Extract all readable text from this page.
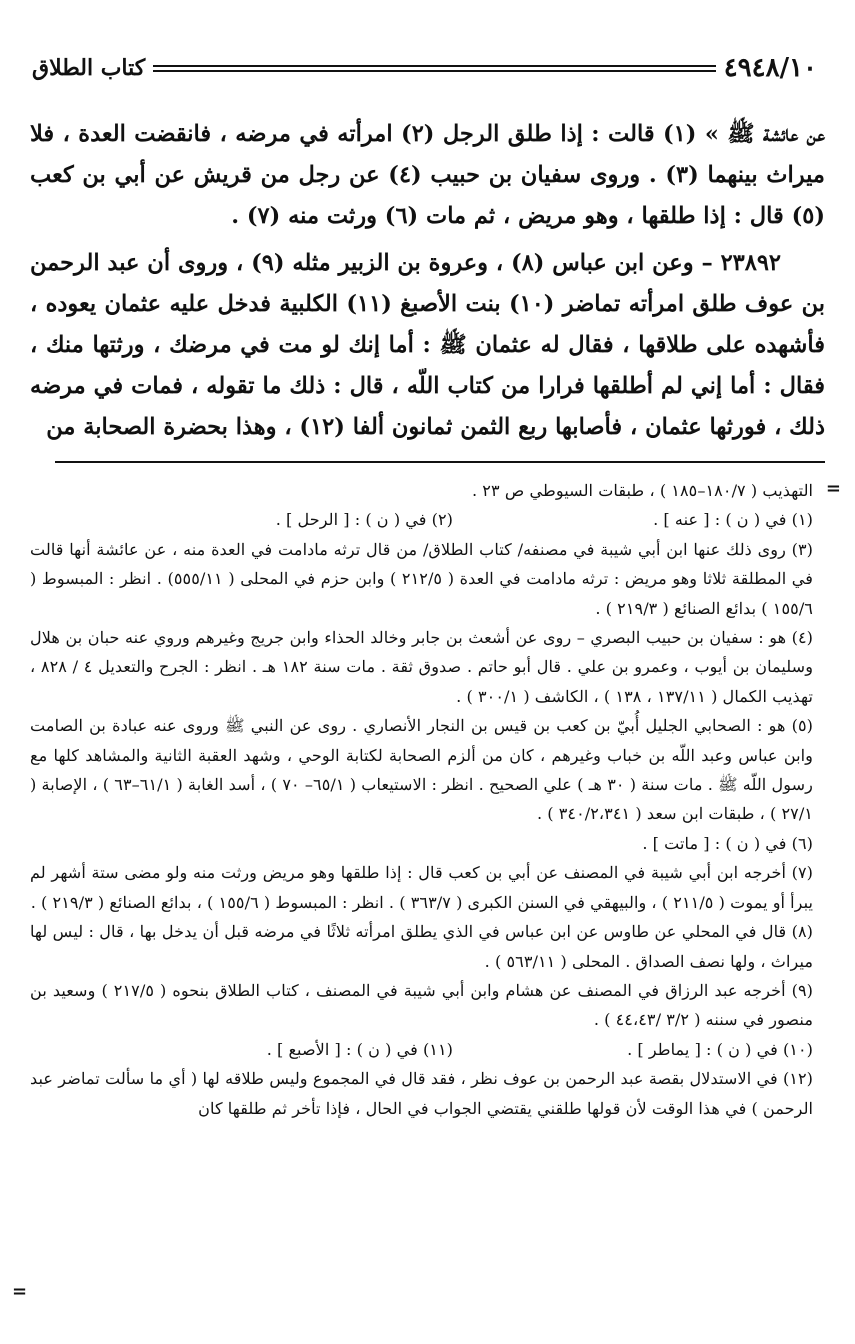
كتاب الطلاق	٤٩٤٨/١٠

عن عائشة ﷺ » (١) قالت : إذا طلق الرجل (٢) امرأته في مرضه ، فانقضت العدة ، فلا ميراث بينهما (٣) . وروى سفيان بن حبيب (٤) عن رجل من قريش عن أبي بن كعب (٥) قال : إذا طلقها ، وهو مريض ، ثم مات (٦) ورثت منه (٧) .

٢٣٨٩٢ – وعن ابن عباس (٨) ، وعروة بن الزبير مثله (٩) ، وروى أن عبد الرحمن بن عوف طلق امرأته تماضر (١٠) بنت الأصبغ (١١) الكلبية فدخل عليه عثمان يعوده ، فأشهده على طلاقها ، فقال له عثمان ﷺ : أما إنك لو مت في مرضك ، ورثتها منك ، فقال : أما إني لم أطلقها فرارا من كتاب اللّه ، قال : ذلك ما تقوله ، فمات في مرضه ذلك ، فورثها عثمان ، فأصابها ربع الثمن ثمانون ألفا (١٢) ، وهذا بحضرة الصحابة من

=

التهذيب ( ١٨٠/٧–١٨٥ ) ، طبقات السيوطي ص ٢٣ .

(١) في ( ن ) : [ عنه ] .
(٢) في ( ن ) : [ الرحل ] .

(٣) روى ذلك عنها ابن أبي شيبة في مصنفه/ كتاب الطلاق/ من قال ترثه مادامت في العدة منه ، عن عائشة أنها قالت في المطلقة ثلاثا وهو مريض : ترثه مادامت في العدة ( ٢١٢/٥ ) وابن حزم في المحلى ( ٥٥٥/١١) . انظر : المبسوط ( ١٥٥/٦ ) بدائع الصنائع ( ٢١٩/٣ ) .

(٤) هو : سفيان بن حبيب البصري – روى عن أشعث بن جابر وخالد الحذاء وابن جريج وغيرهم وروي عنه حبان بن هلال وسليمان بن أيوب ، وعمرو بن علي . قال أبو حاتم . صدوق ثقة . مات سنة ١٨٢ هـ . انظر : الجرح والتعديل ٤ / ٨٢٨ ، تهذيب الكمال ( ١٣٧/١١ ، ١٣٨ ) ، الكاشف ( ٣٠٠/١ ) .

(٥) هو : الصحابي الجليل أُبيّ بن كعب بن قيس بن النجار الأنصاري . روى عن النبي ﷺ وروى عنه عبادة بن الصامت وابن عباس وعبد اللّه بن خباب وغيرهم ، كان من ألزم الصحابة لكتابة الوحي ، وشهد العقبة الثانية والمشاهد كلها مع رسول اللّه ﷺ . مات سنة ( ٣٠ هـ ) علي الصحيح . انظر : الاستيعاب ( ٦٥/١– ٧٠ ) ، أسد الغابة ( ٦١/١–٦٣ ) ، الإصابة ( ٢٧/١ ) ، طبقات ابن سعد ( ٣٤٠/٢،٣٤١ ) .

(٦) في ( ن ) : [ ماتت ] .

(٧) أخرجه ابن أبي شيبة في المصنف عن أبي بن كعب قال : إذا طلقها وهو مريض ورثت منه ولو مضى ستة أشهر لم يبرأ أو يموت ( ٢١١/٥ ) ، والبيهقي في السنن الكبرى ( ٣٦٣/٧ ) . انظر : المبسوط ( ١٥٥/٦ ) ، بدائع الصنائع ( ٢١٩/٣ ) .

(٨) قال في المحلي عن طاوس عن ابن عباس في الذي يطلق امرأته ثلاثًا في مرضه قبل أن يدخل بها ، قال : ليس لها ميراث ، ولها نصف الصداق . المحلى ( ٥٦٣/١١ ) .

(٩) أخرجه عبد الرزاق في المصنف عن هشام وابن أبي شيبة في المصنف ، كتاب الطلاق بنحوه ( ٢١٧/٥ ) وسعيد بن منصور في سننه ( ٣/٢ /٤٤،٤٣ ) .

(١٠) في ( ن ) : [ يماطر ] .
(١١) في ( ن ) : [ الأصبع ] .

(١٢) في الاستدلال بقصة عبد الرحمن بن عوف نظر ، فقد قال في المجموع وليس طلاقه لها ( أي ما سألت تماضر عبد الرحمن ) في هذا الوقت لأن قولها طلقني يقتضي الجواب في الحال ، فإذا تأخر ثم طلقها كان

=
